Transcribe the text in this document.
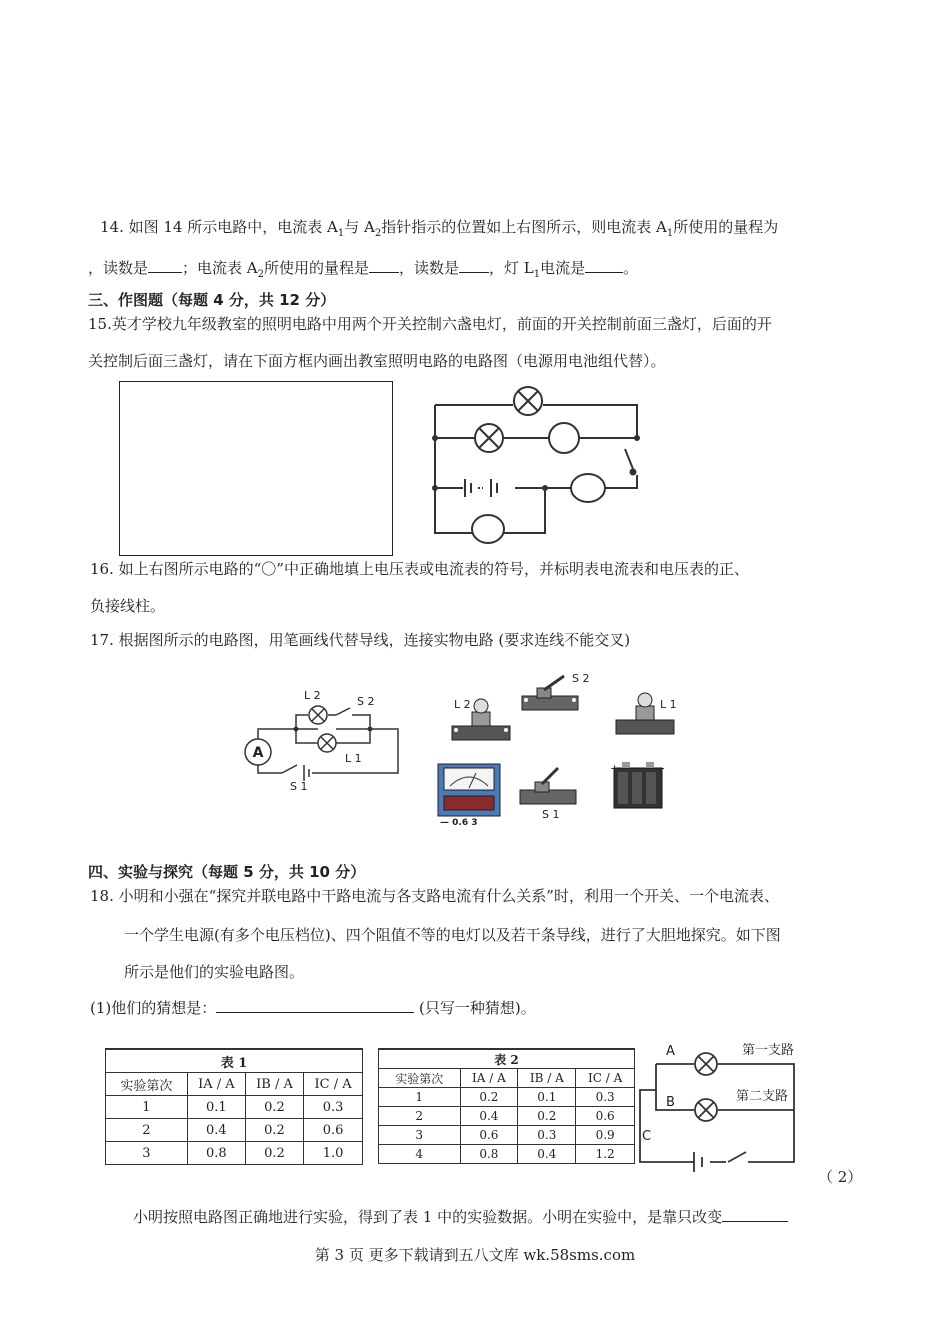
14. 如图 14 所示电路中，电流表 $A_1$与 $A_2$指针指示的位置如上右图所示，则电流表 $A_1$所使用的量程为
，读数是 ；电流表 $A_2$所使用的量程是 ，读数是 ，灯 $L_1$电流是	。
三、作图题（每题 4 分，共 12 分）
15.英才学校九年级教室的照明电路中用两个开关控制六盏电灯，前面的开关控制前面三盏灯，后面的开
关控制后面三盏灯，请在下面方框内画出教室照明电路的电路图（电源用电池组代替）。
16. 如上右图所示电路的“〇”中正确地填上电压表或电流表的符号，并标明表电流表和电压表的正、
负接线柱。
17. 根据图所示的电路图，用笔画线代替导线，连接实物电路 (要求连线不能交叉)
A
L 2	S 2
L 1
S 1
L 2
S 2
L 1
— 0.6 3
S 1
+	−
四、实验与探究（每题 5 分，共 10 分）
18. 小明和小强在“探究并联电路中干路电流与各支路电流有什么关系”时，利用一个开关、一个电流表、
一个学生电源(有多个电压档位)、四个阻值不等的电灯以及若干条导线，进行了大胆地探究。如下图
所示是他们的实验电路图。
(1)他们的猜想是：	(只写一种猜想)。
表 1			
实验第次	IA / A	IB / A	IC / A
1	0.1	0.2	0.3
2	0.4	0.2	0.6
3	0.8	0.2	1.0
表 2			
实验第次	IA / A	IB / A	IC / A
1	0.2	0.1	0.3
2	0.4	0.2	0.6
3	0.6	0.3	0.9
4	0.8	0.4	1.2
A
B
C
第一支路
第二支路
（ 2）
小明按照电路图正确地进行实验，得到了表 1 中的实验数据。小明在实验中，是靠只改变
第 3 页 更多下载请到五八文库 wk.58sms.com
